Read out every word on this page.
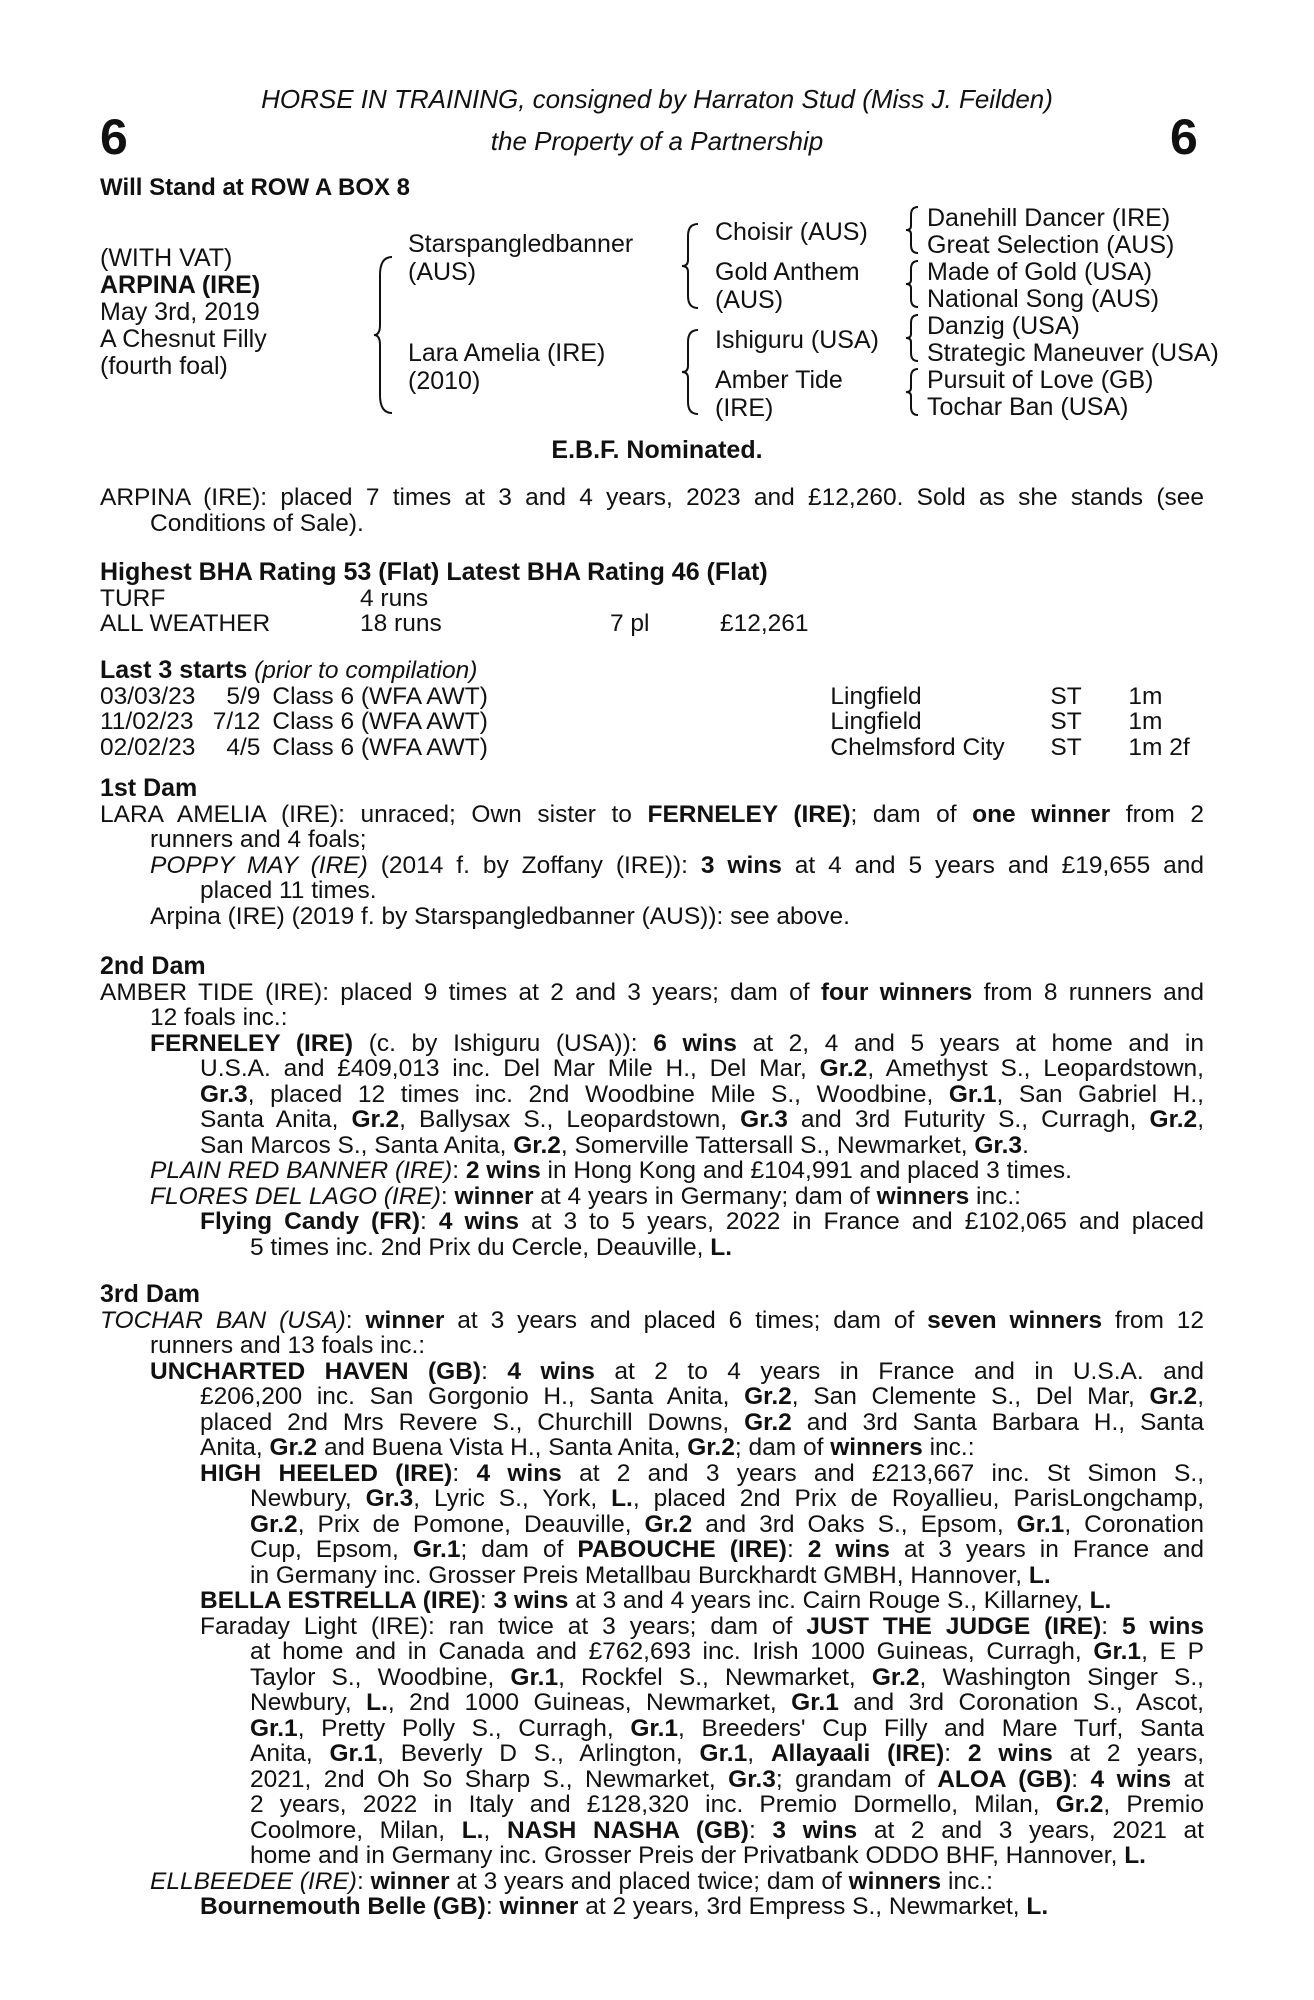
6	6
HORSE IN TRAINING, consigned by Harraton Stud (Miss J. Feilden)
the Property of a Partnership
Will Stand at ROW A BOX 8
(WITH VAT)
ARPINA (IRE)
May 3rd, 2019
A Chesnut Filly
(fourth foal)
Starspangledbanner
(AUS)
Lara Amelia (IRE)
(2010)
Choisir (AUS)
Gold Anthem
(AUS)
Ishiguru (USA)
Amber Tide
(IRE)
Danehill Dancer (IRE)
Great Selection (AUS)
Made of Gold (USA)
National Song (AUS)
Danzig (USA)
Strategic Maneuver (USA)
Pursuit of Love (GB)
Tochar Ban (USA)
E.B.F. Nominated.
ARPINA (IRE): placed 7 times at 3 and 4 years, 2023 and £12,260. Sold as she stands (see
Conditions of Sale).
Highest BHA Rating 53 (Flat) Latest BHA Rating 46 (Flat)
TURF	4 runs		
ALL WEATHER	18 runs	7 pl	£12,261
Last 3 starts (prior to compilation)
03/03/23	5/9	Class 6 (WFA AWT)	Lingfield	ST	1m
11/02/23	7/12	Class 6 (WFA AWT)	Lingfield	ST	1m
02/02/23	4/5	Class 6 (WFA AWT)	Chelmsford City	ST	1m 2f
1st Dam
LARA AMELIA (IRE): unraced; Own sister to FERNELEY (IRE); dam of one winner from 2
runners and 4 foals;
POPPY MAY (IRE) (2014 f. by Zoffany (IRE)): 3 wins at 4 and 5 years and £19,655 and
placed 11 times.
Arpina (IRE) (2019 f. by Starspangledbanner (AUS)): see above.
2nd Dam
AMBER TIDE (IRE): placed 9 times at 2 and 3 years; dam of four winners from 8 runners and
12 foals inc.:
FERNELEY (IRE) (c. by Ishiguru (USA)): 6 wins at 2, 4 and 5 years at home and in
U.S.A. and £409,013 inc. Del Mar Mile H., Del Mar, Gr.2, Amethyst S., Leopardstown,
Gr.3, placed 12 times inc. 2nd Woodbine Mile S., Woodbine, Gr.1, San Gabriel H.,
Santa Anita, Gr.2, Ballysax S., Leopardstown, Gr.3 and 3rd Futurity S., Curragh, Gr.2,
San Marcos S., Santa Anita, Gr.2, Somerville Tattersall S., Newmarket, Gr.3.
PLAIN RED BANNER (IRE): 2 wins in Hong Kong and £104,991 and placed 3 times.
FLORES DEL LAGO (IRE): winner at 4 years in Germany; dam of winners inc.:
Flying Candy (FR): 4 wins at 3 to 5 years, 2022 in France and £102,065 and placed
5 times inc. 2nd Prix du Cercle, Deauville, L.
3rd Dam
TOCHAR BAN (USA): winner at 3 years and placed 6 times; dam of seven winners from 12
runners and 13 foals inc.:
UNCHARTED HAVEN (GB): 4 wins at 2 to 4 years in France and in U.S.A. and
£206,200 inc. San Gorgonio H., Santa Anita, Gr.2, San Clemente S., Del Mar, Gr.2,
placed 2nd Mrs Revere S., Churchill Downs, Gr.2 and 3rd Santa Barbara H., Santa
Anita, Gr.2 and Buena Vista H., Santa Anita, Gr.2; dam of winners inc.:
HIGH HEELED (IRE): 4 wins at 2 and 3 years and £213,667 inc. St Simon S.,
Newbury, Gr.3, Lyric S., York, L., placed 2nd Prix de Royallieu, ParisLongchamp,
Gr.2, Prix de Pomone, Deauville, Gr.2 and 3rd Oaks S., Epsom, Gr.1, Coronation
Cup, Epsom, Gr.1; dam of PABOUCHE (IRE): 2 wins at 3 years in France and
in Germany inc. Grosser Preis Metallbau Burckhardt GMBH, Hannover, L.
BELLA ESTRELLA (IRE): 3 wins at 3 and 4 years inc. Cairn Rouge S., Killarney, L.
Faraday Light (IRE): ran twice at 3 years; dam of JUST THE JUDGE (IRE): 5 wins
at home and in Canada and £762,693 inc. Irish 1000 Guineas, Curragh, Gr.1, E P
Taylor S., Woodbine, Gr.1, Rockfel S., Newmarket, Gr.2, Washington Singer S.,
Newbury, L., 2nd 1000 Guineas, Newmarket, Gr.1 and 3rd Coronation S., Ascot,
Gr.1, Pretty Polly S., Curragh, Gr.1, Breeders' Cup Filly and Mare Turf, Santa
Anita, Gr.1, Beverly D S., Arlington, Gr.1, Allayaali (IRE): 2 wins at 2 years,
2021, 2nd Oh So Sharp S., Newmarket, Gr.3; grandam of ALOA (GB): 4 wins at
2 years, 2022 in Italy and £128,320 inc. Premio Dormello, Milan, Gr.2, Premio
Coolmore, Milan, L., NASH NASHA (GB): 3 wins at 2 and 3 years, 2021 at
home and in Germany inc. Grosser Preis der Privatbank ODDO BHF, Hannover, L.
ELLBEEDEE (IRE): winner at 3 years and placed twice; dam of winners inc.:
Bournemouth Belle (GB): winner at 2 years, 3rd Empress S., Newmarket, L.
